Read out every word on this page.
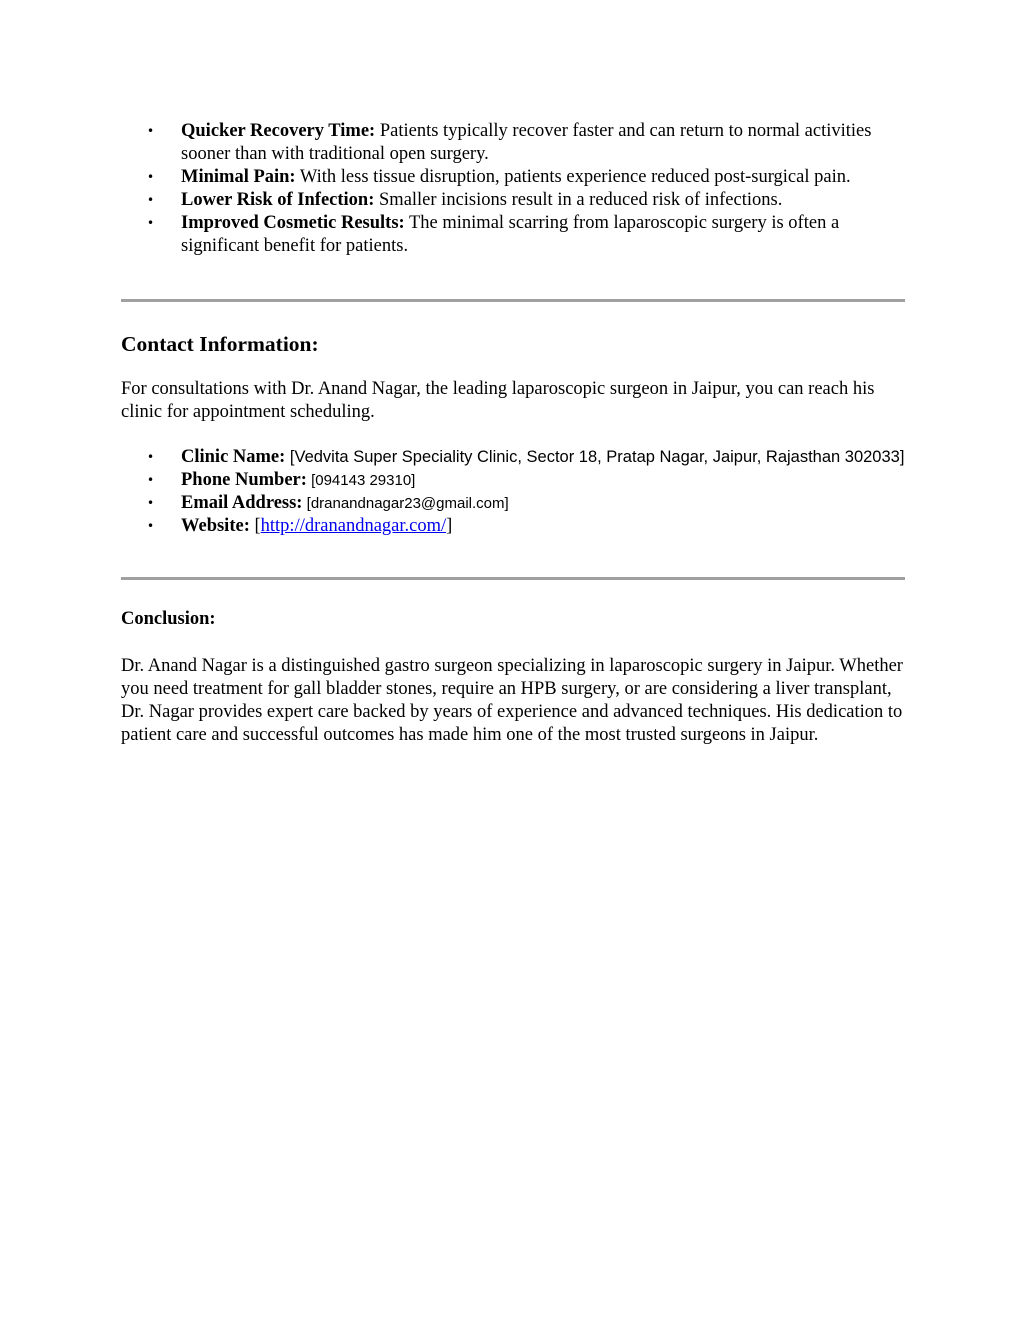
• Quicker Recovery Time: Patients typically recover faster and can return to normal activities sooner than with traditional open surgery.
• Minimal Pain: With less tissue disruption, patients experience reduced post-surgical pain.
• Lower Risk of Infection: Smaller incisions result in a reduced risk of infections.
• Improved Cosmetic Results: The minimal scarring from laparoscopic surgery is often a significant benefit for patients.
Contact Information:

For consultations with Dr. Anand Nagar, the leading laparoscopic surgeon in Jaipur, you can reach his clinic for appointment scheduling.

• Clinic Name: [Vedvita Super Speciality Clinic, Sector 18, Pratap Nagar, Jaipur, Rajasthan 302033]
• Phone Number: [094143 29310]
• Email Address: [dranandnagar23@gmail.com]
• Website: [http://dranandnagar.com/]
Conclusion:

Dr. Anand Nagar is a distinguished gastro surgeon specializing in laparoscopic surgery in Jaipur. Whether you need treatment for gall bladder stones, require an HPB surgery, or are considering a liver transplant, Dr. Nagar provides expert care backed by years of experience and advanced techniques. His dedication to patient care and successful outcomes has made him one of the most trusted surgeons in Jaipur.
